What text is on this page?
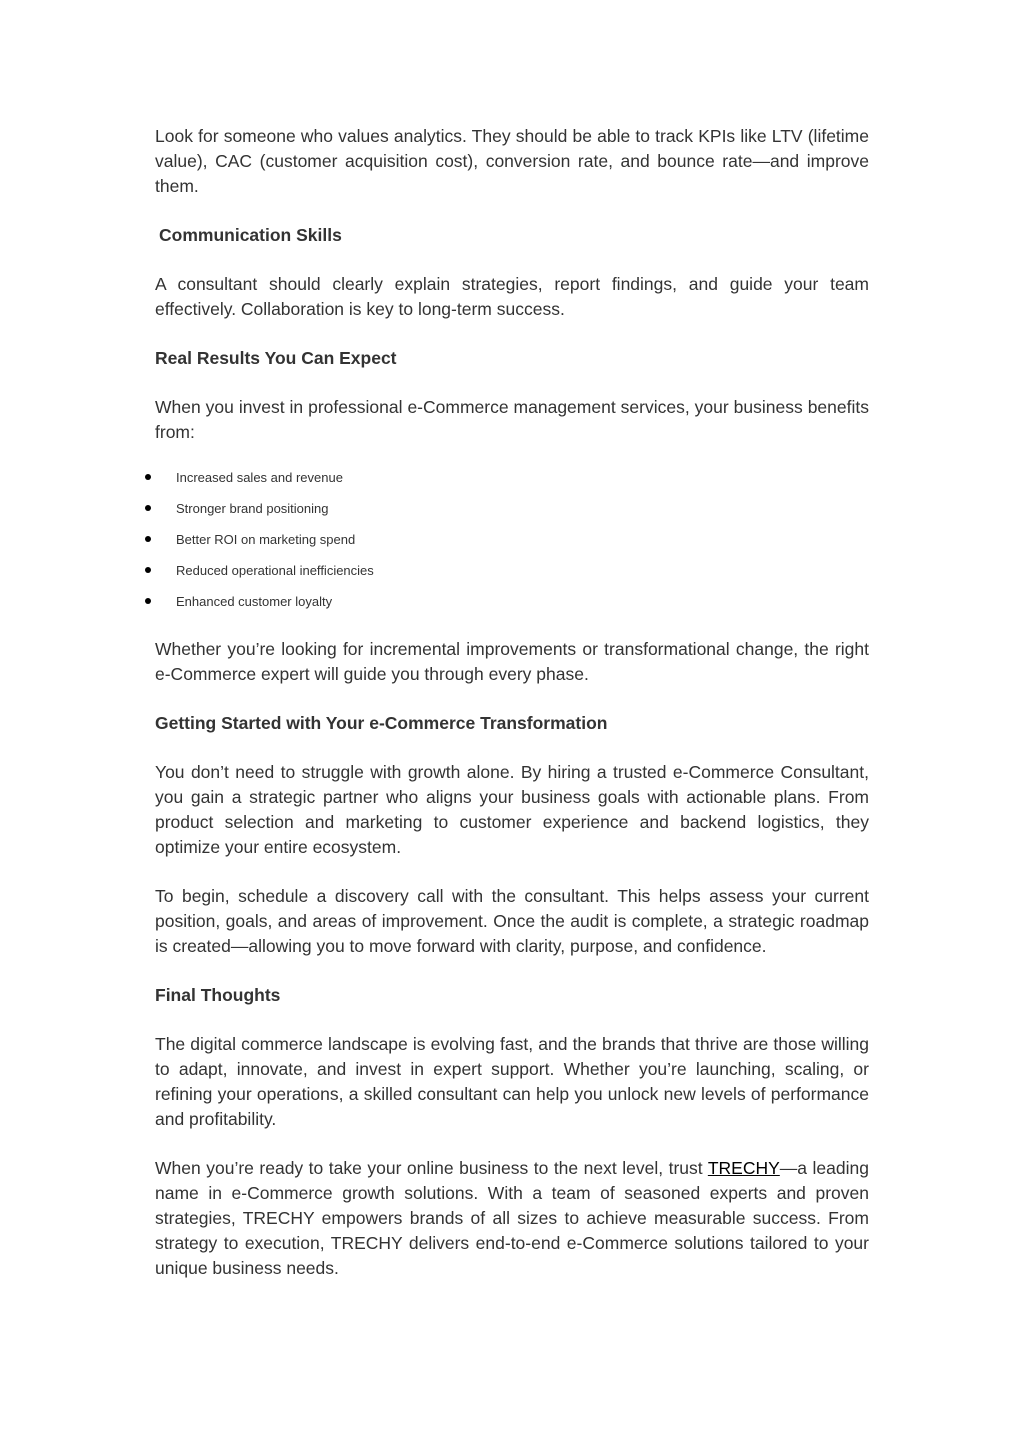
Look for someone who values analytics. They should be able to track KPIs like LTV (lifetime value), CAC (customer acquisition cost), conversion rate, and bounce rate—and improve them.

Communication Skills

A consultant should clearly explain strategies, report findings, and guide your team effectively. Collaboration is key to long-term success.

Real Results You Can Expect

When you invest in professional e-Commerce management services, your business benefits from:

Increased sales and revenue
Stronger brand positioning
Better ROI on marketing spend
Reduced operational inefficiencies
Enhanced customer loyalty

Whether you’re looking for incremental improvements or transformational change, the right e-Commerce expert will guide you through every phase.

Getting Started with Your e-Commerce Transformation

You don’t need to struggle with growth alone. By hiring a trusted e-Commerce Consultant, you gain a strategic partner who aligns your business goals with actionable plans. From product selection and marketing to customer experience and backend logistics, they optimize your entire ecosystem.

To begin, schedule a discovery call with the consultant. This helps assess your current position, goals, and areas of improvement. Once the audit is complete, a strategic roadmap is created—allowing you to move forward with clarity, purpose, and confidence.

Final Thoughts

The digital commerce landscape is evolving fast, and the brands that thrive are those willing to adapt, innovate, and invest in expert support. Whether you’re launching, scaling, or refining your operations, a skilled consultant can help you unlock new levels of performance and profitability.

When you’re ready to take your online business to the next level, trust TRECHY—a leading name in e-Commerce growth solutions. With a team of seasoned experts and proven strategies, TRECHY empowers brands of all sizes to achieve measurable success. From strategy to execution, TRECHY delivers end-to-end e-Commerce solutions tailored to your unique business needs.
